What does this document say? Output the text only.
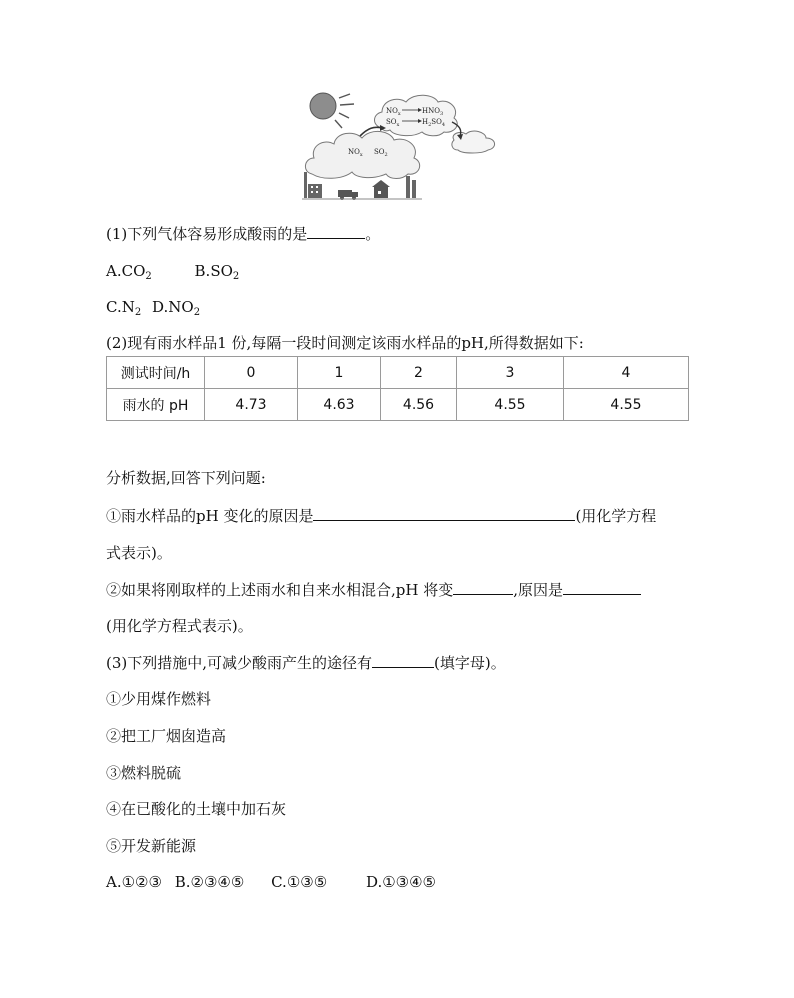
$NO_x$
$SO_x$
$HNO_3$
$H_2SO_4$
$NO_x$ $SO_2$
(1)下列气体容易形成酸雨的是	。
$A.CO_2$	$B.SO_2$
$C.N_2$ $D.NO_2$
(2)现有雨水样品1 份,每隔一段时间测定该雨水样品的pH,所得数据如下:
测试时间/h	0	1	2	3	4
雨水的 pH	4.73	4.63	4.56	4.55	4.55
分析数据,回答下列问题:
①雨水样品的pH 变化的原因是	(用化学方程
式表示)。
②如果将刚取样的上述雨水和自来水相混合,pH 将变	,原因是
(用化学方程式表示)。
(3)下列措施中,可减少酸雨产生的途径有	(填字母)。
①少用煤作燃料
②把工厂烟囱造高
③燃料脱硫
④在已酸化的土壤中加石灰
⑤开发新能源
A.①②③ B.②③④⑤ C.①③⑤	D.①③④⑤
